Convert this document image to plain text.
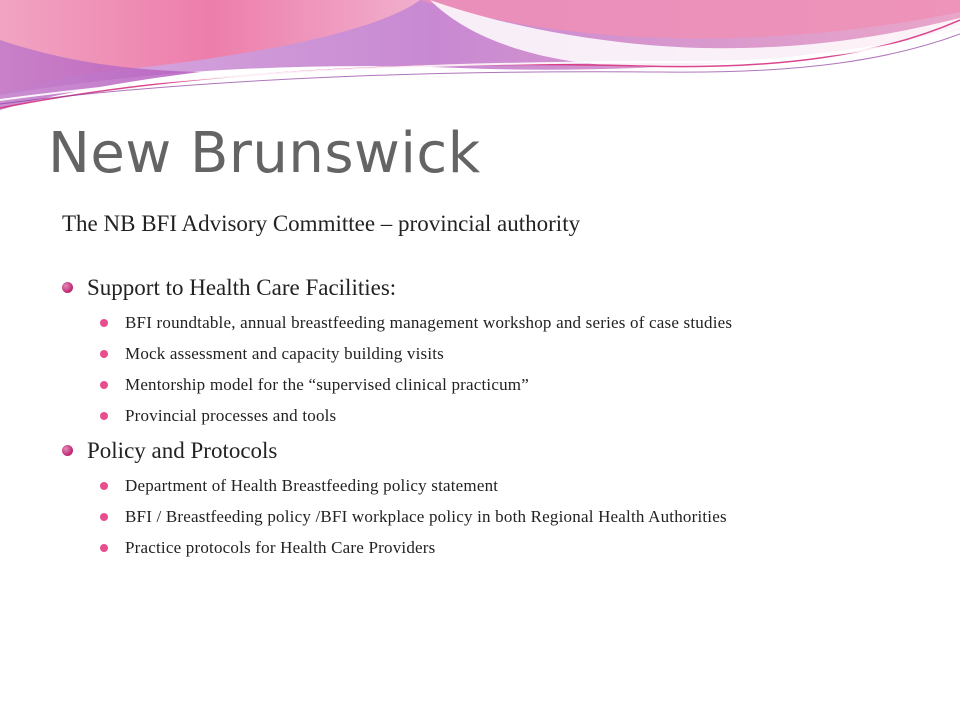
New Brunswick

The NB BFI Advisory Committee – provincial authority

Support to Health Care Facilities:

BFI roundtable, annual breastfeeding management workshop and series of case studies
Mock assessment and capacity building visits
Mentorship model for the “supervised clinical practicum”
Provincial processes and tools

Policy and Protocols

Department of Health Breastfeeding policy statement
BFI / Breastfeeding policy /BFI workplace policy in both Regional Health Authorities
Practice protocols for Health Care Providers
